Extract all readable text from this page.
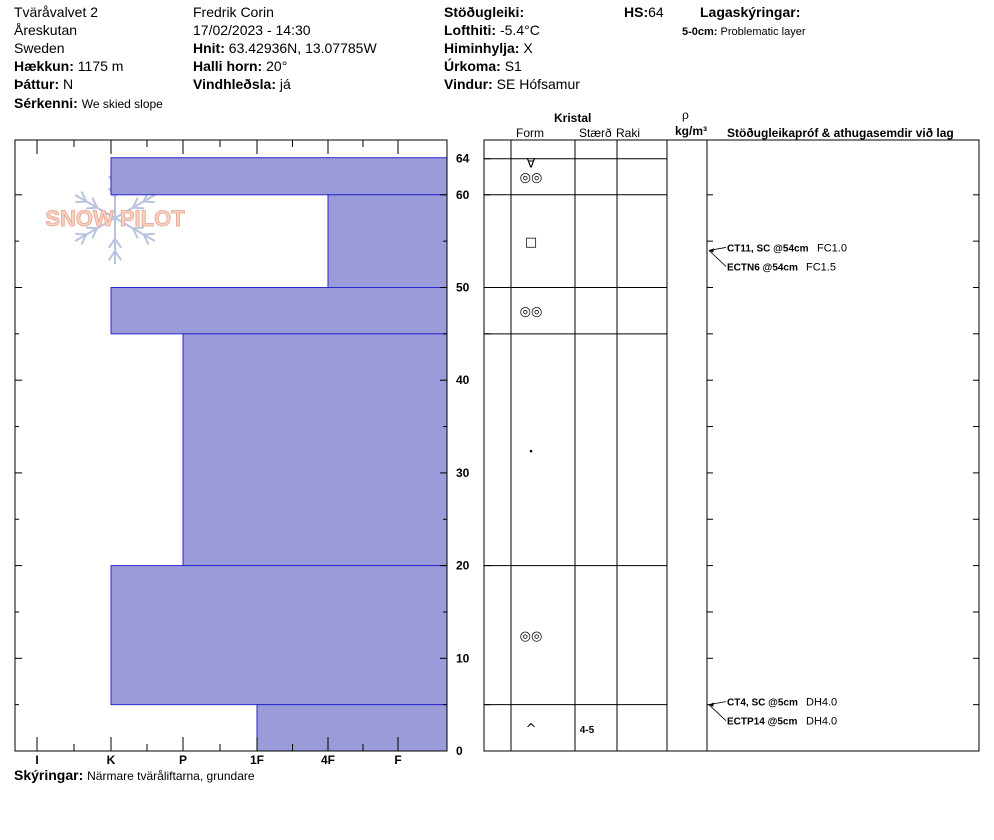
Tväråvalvet 2
Åreskutan
Sweden
Hækkun: 1175 m
Þáttur: N
Sérkenni: We skied slope
Fredrik Corin
17/02/2023 - 14:30
Hnit: 63.42936N, 13.07785W
Halli horn: 20°
Vindhleðsla: já
Stöðugleiki:
Lofthiti: -5.4°C
Himinhylja: X
Úrkoma: S1
Vindur: SE Hófsamur
HS:64	Lagaskýringar:
5-0cm: Problematic layer
Kristal
Form	Stærð Raki
ρ
kg/m³ Stöðugleikapróf & athugasemdir við lag
Skýringar: Närmare tväråliftarna, grundare
SNOW PILOT
0
10
20
30
40
50
60
64
I	K	P	1F	4F	F
∀
◎◎
□
◎◎
•
◎◎
^	4-5
CT4, SC @5cm DH4.0
ECTP14 @5cm DH4.0
CT11, SC @54cm FC1.0
ECTN6 @54cm FC1.5
